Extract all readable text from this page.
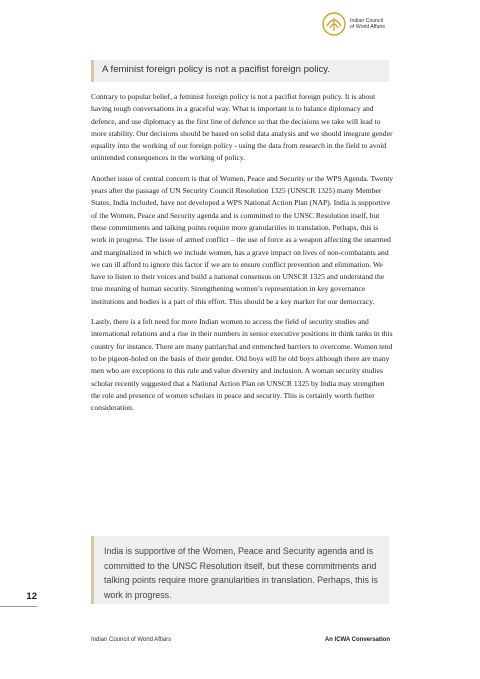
Indian Council
of World Affairs
A feminist foreign policy is not a pacifist foreign policy.

Contrary to popular belief, a feminist foreign policy is not a pacifist foreign policy. It is about having tough conversations in a graceful way. What is important is to balance diplomacy and defence, and use diplomacy as the first line of defence so that the decisions we take will lead to more stability. Our decisions should be based on solid data analysis and we should integrate gender equality into the working of our foreign policy - using the data from research in the field to avoid unintended consequences in the working of policy.

Another issue of central concern is that of Women, Peace and Security or the WPS Agenda. Twenty years after the passage of UN Security Council Resolution 1325 (UNSCR 1325) many Member States, India included, have not developed a WPS National Action Plan (NAP). India is supportive of the Women, Peace and Security agenda and is committed to the UNSC Resolution itself, but these commitments and talking points require more granularities in translation. Perhaps, this is work in progress. The issue of armed conflict – the use of force as a weapon affecting the unarmed and marginalized in which we include women, has a grave impact on lives of non-combatants and we can ill afford to ignore this factor if we are to ensure conflict prevention and elimination. We have to listen to their voices and build a national consensus on UNSCR 1325 and understand the true meaning of human security. Strengthening women’s representation in key governance institutions and bodies is a part of this effort. This should be a key marker for our democracy.

Lastly, there is a felt need for more Indian women to access the field of security studies and international relations and a rise in their numbers in senior executive positions in think tanks in this country for instance. There are many patriarchal and entrenched barriers to overcome. Women tend to be pigeon-holed on the basis of their gender. Old boys will be old boys although there are many men who are exceptions to this rule and value diversity and inclusion. A woman security studies scholar recently suggested that a National Action Plan on UNSCR 1325 by India may strengthen the role and presence of women scholars in peace and security. This is certainly worth further consideration.

India is supportive of the Women, Peace and Security agenda and is committed to the UNSC Resolution itself, but these commitments and talking points require more granularities in translation. Perhaps, this is work in progress.
12
Indian Council of World Affairs	An ICWA Conversation
